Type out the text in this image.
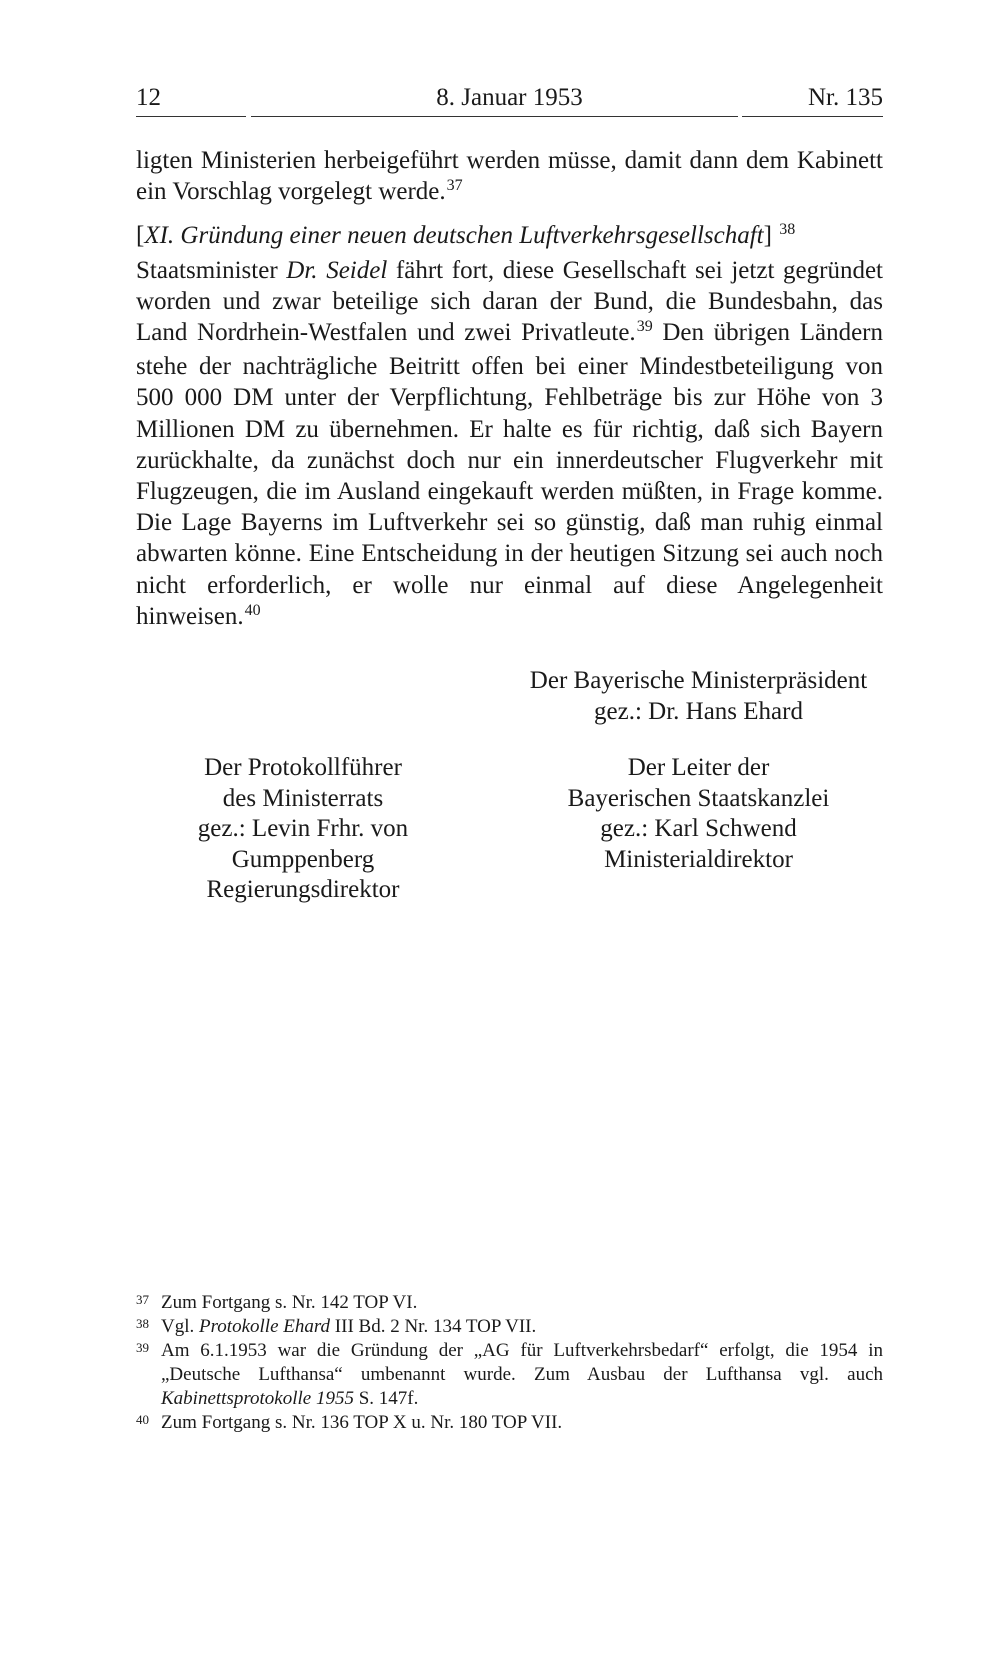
12	8. Januar 1953	Nr. 135

ligten Ministerien herbeigeführt werden müsse, damit dann dem Kabinett ein Vorschlag vorgelegt werde.$^{37}$

[XI. Gründung einer neuen deutschen Luftverkehrsgesellschaft] $^{38}$

Staatsminister Dr. Seidel fährt fort, diese Gesellschaft sei jetzt gegründet worden und zwar beteilige sich daran der Bund, die Bundesbahn, das Land Nordrhein-Westfalen und zwei Privatleute.$^{39}$ Den übrigen Ländern stehe der nachträgliche Beitritt offen bei einer Mindestbeteiligung von 500 000 DM unter der Verpflichtung, Fehlbeträge bis zur Höhe von 3 Millionen DM zu übernehmen. Er halte es für richtig, daß sich Bayern zurückhalte, da zunächst doch nur ein innerdeutscher Flugverkehr mit Flugzeugen, die im Ausland eingekauft werden müßten, in Frage komme. Die Lage Bayerns im Luftverkehr sei so günstig, daß man ruhig einmal abwarten könne. Eine Entscheidung in der heutigen Sitzung sei auch noch nicht erforderlich, er wolle nur einmal auf diese Angelegenheit hinweisen.$^{40}$

Der Bayerische Ministerpräsident
gez.: Dr. Hans Ehard
Der Protokollführer
des Ministerrats
gez.: Levin Frhr. von Gumppenberg
Regierungsdirektor
Der Leiter der
Bayerischen Staatskanzlei
gez.: Karl Schwend
Ministerialdirektor
37 Zum Fortgang s. Nr. 142 TOP VI.
38 Vgl. Protokolle Ehard III Bd. 2 Nr. 134 TOP VII.
39 Am 6.1.1953 war die Gründung der „AG für Luftverkehrsbedarf“ erfolgt, die 1954 in „Deutsche Lufthansa“ umbenannt wurde. Zum Ausbau der Lufthansa vgl. auch Kabinettsprotokolle 1955 S. 147f.
40 Zum Fortgang s. Nr. 136 TOP X u. Nr. 180 TOP VII.
